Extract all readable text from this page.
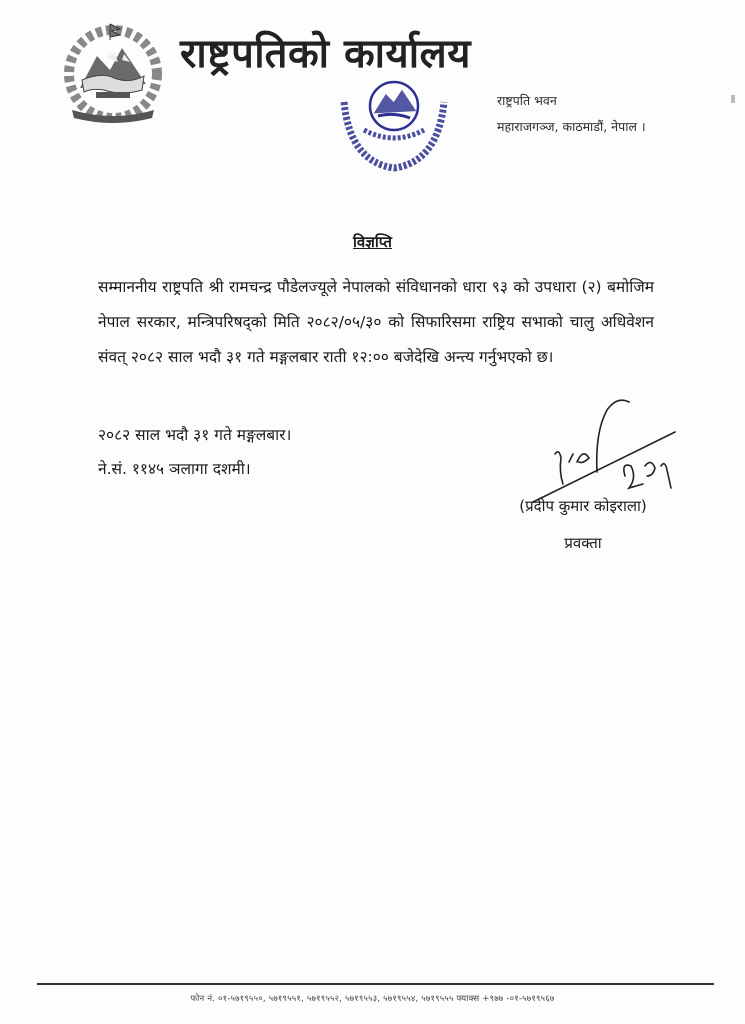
राष्ट्रपतिको कार्यालय
राष्ट्रपति भवन
महाराजगञ्ज, काठमाडौं, नेपाल ।
विज्ञप्ति
सम्माननीय राष्ट्रपति श्री रामचन्द्र पौडेलज्यूले नेपालको संविधानको धारा ९३ को उपधारा (२) बमोजिम नेपाल सरकार, मन्त्रिपरिषद्को मिति २०८२/०५/३० को सिफारिसमा राष्ट्रिय सभाको चालु अधिवेशन संवत् २०८२ साल भदौ ३१ गते मङ्गलबार राती १२:०० बजेदेखि अन्त्य गर्नुभएको छ।
२०८२ साल भदौ ३१ गते मङ्गलबार।
ने.सं. ११४५ ञलागा दशमी।
(प्रदीप कुमार कोइराला)
प्रवक्ता
फोन नं. ०१-५७१९५५०, ५७१९५५१, ५७१९५५२, ५७१९५५३, ५७१९५५४, ५७१९५५५ फ्याक्स +९७७ -०१-५७१९५६७
